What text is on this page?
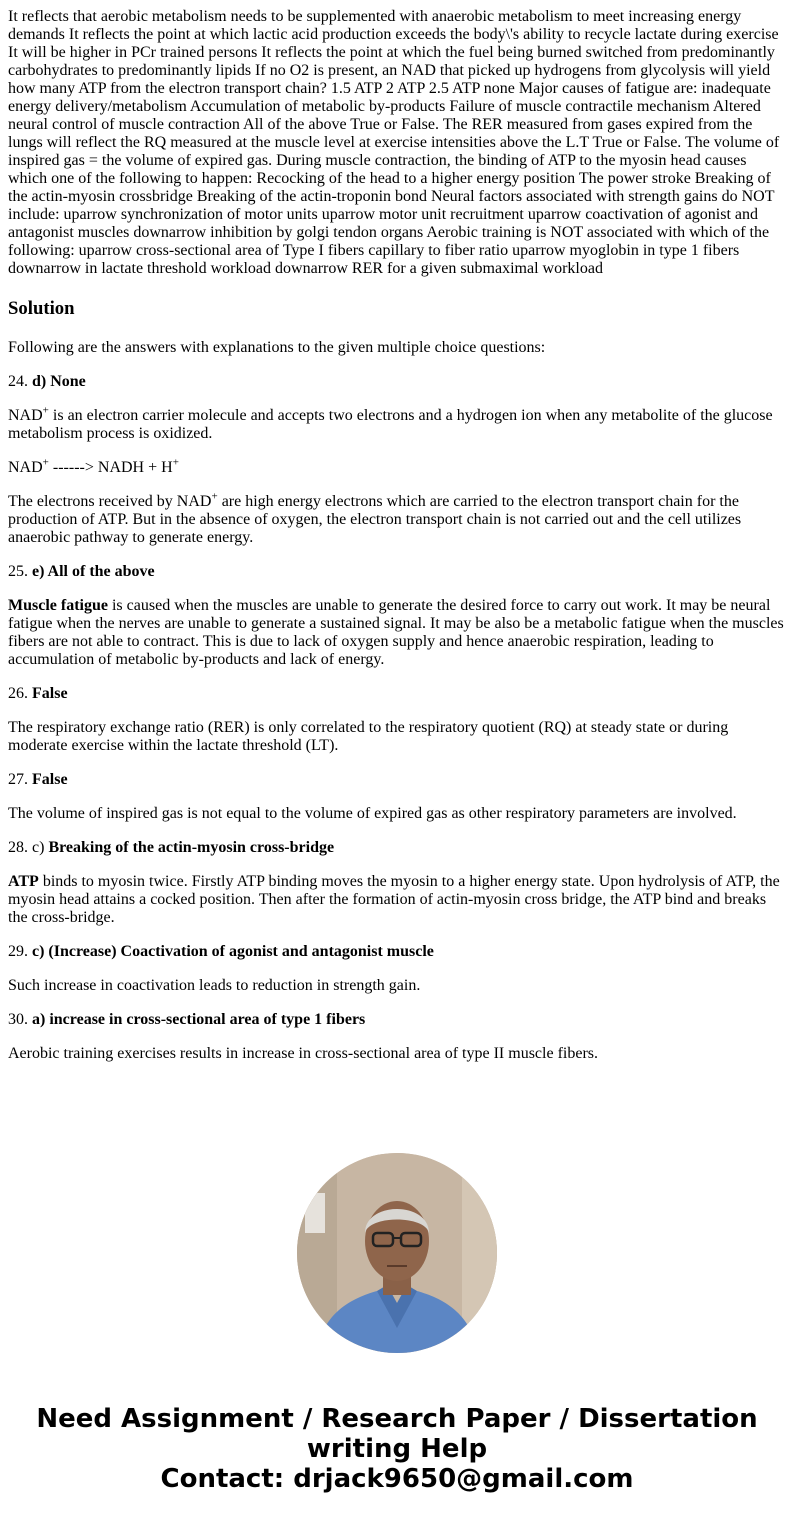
It reflects that aerobic metabolism needs to be supplemented with anaerobic metabolism to meet increasing energy demands It reflects the point at which lactic acid production exceeds the body\'s ability to recycle lactate during exercise It will be higher in PCr trained persons It reflects the point at which the fuel being burned switched from predominantly carbohydrates to predominantly lipids If no O2 is present, an NAD that picked up hydrogens from glycolysis will yield how many ATP from the electron transport chain? 1.5 ATP 2 ATP 2.5 ATP none Major causes of fatigue are: inadequate energy delivery/metabolism Accumulation of metabolic by-products Failure of muscle contractile mechanism Altered neural control of muscle contraction All of the above True or False. The RER measured from gases expired from the lungs will reflect the RQ measured at the muscle level at exercise intensities above the L.T True or False. The volume of inspired gas = the volume of expired gas. During muscle contraction, the binding of ATP to the myosin head causes which one of the following to happen: Recocking of the head to a higher energy position The power stroke Breaking of the actin-myosin crossbridge Breaking of the actin-troponin bond Neural factors associated with strength gains do NOT include: uparrow synchronization of motor units uparrow motor unit recruitment uparrow coactivation of agonist and antagonist muscles downarrow inhibition by golgi tendon organs Aerobic training is NOT associated with which of the following: uparrow cross-sectional area of Type I fibers capillary to fiber ratio uparrow myoglobin in type 1 fibers downarrow in lactate threshold workload downarrow RER for a given submaximal workload
Solution

Following are the answers with explanations to the given multiple choice questions:

24. d) None

NAD+ is an electron carrier molecule and accepts two electrons and a hydrogen ion when any metabolite of the glucose metabolism process is oxidized.

NAD+ ------> NADH + H+

The electrons received by NAD+ are high energy electrons which are carried to the electron transport chain for the production of ATP. But in the absence of oxygen, the electron transport chain is not carried out and the cell utilizes anaerobic pathway to generate energy.

25. e) All of the above

Muscle fatigue is caused when the muscles are unable to generate the desired force to carry out work. It may be neural fatigue when the nerves are unable to generate a sustained signal. It may be also be a metabolic fatigue when the muscles fibers are not able to contract. This is due to lack of oxygen supply and hence anaerobic respiration, leading to accumulation of metabolic by-products and lack of energy.

26. False

The respiratory exchange ratio (RER) is only correlated to the respiratory quotient (RQ) at steady state or during moderate exercise within the lactate threshold (LT).

27. False

The volume of inspired gas is not equal to the volume of expired gas as other respiratory parameters are involved.

28. c) Breaking of the actin-myosin cross-bridge

ATP binds to myosin twice. Firstly ATP binding moves the myosin to a higher energy state. Upon hydrolysis of ATP, the myosin head attains a cocked position. Then after the formation of actin-myosin cross bridge, the ATP bind and breaks the cross-bridge.

29. c) (Increase) Coactivation of agonist and antagonist muscle

Such increase in coactivation leads to reduction in strength gain.

30. a) increase in cross-sectional area of type 1 fibers

Aerobic training exercises results in increase in cross-sectional area of type II muscle fibers.

Need Assignment / Research Paper / Dissertation
writing Help
Contact: drjack9650@gmail.com
